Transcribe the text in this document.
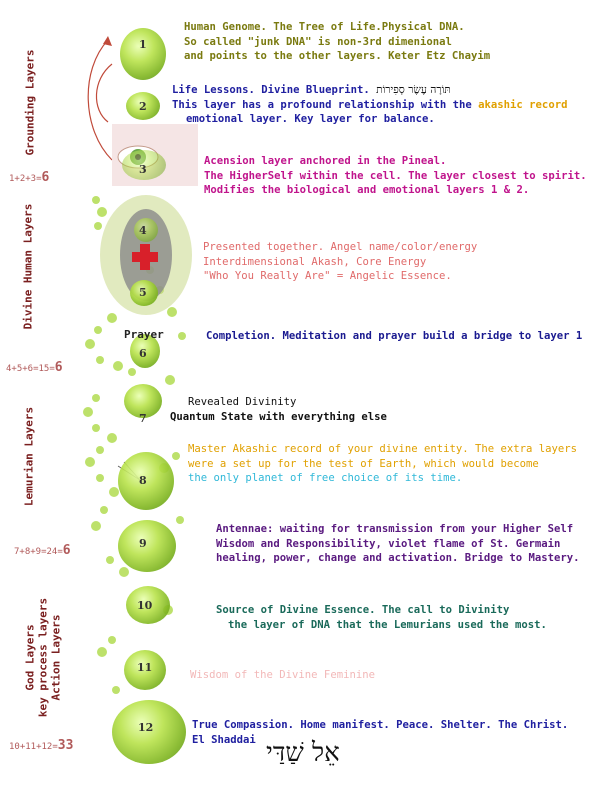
Grounding Layers
Divine Human Layers
Lemurian Layers
God Layers key process layers Action Layers
1+2+3=6
4+5+6=15=6
7+8+9=24=6
10+11+12=33
1
2
3
4
5
Prayer
6
7
8
9
10
11
12
Human Genome. The Tree of Life.Physical DNA.
So called "junk DNA" is non-3rd dimenional
and points to the other layers. Keter Etz Chayim
Life Lessons. Divine Blueprint. תּוֹרָה עֶשֶׂר סְפִירוֹת
This layer has a profound relationship with the akashic record
emotional layer. Key layer for balance.
Acension layer anchored in the Pineal.
The HigherSelf within the cell. The layer closest to spirit.
Modifies the biological and emotional layers 1 & 2.
Presented together. Angel name/color/energy
Interdimensional Akash, Core Energy
"Who You Really Are" = Angelic Essence.
Completion. Meditation and prayer build a bridge to layer 1
Revealed Divinity
Quantum State with everything else
Master Akashic record of your divine entity. The extra layers
were a set up for the test of Earth, which would become
the only planet of free choice of its time.
Antennae: waiting for transmission from your Higher Self
Wisdom and Responsibility, violet flame of St. Germain
healing, power, change and activation. Bridge to Mastery.
Source of Divine Essence. The call to Divinity
the layer of DNA that the Lemurians used the most.
Wisdom of the Divine Feminine
True Compassion. Home manifest. Peace. Shelter. The Christ.
El Shaddai אֵל שַׁדַּי
